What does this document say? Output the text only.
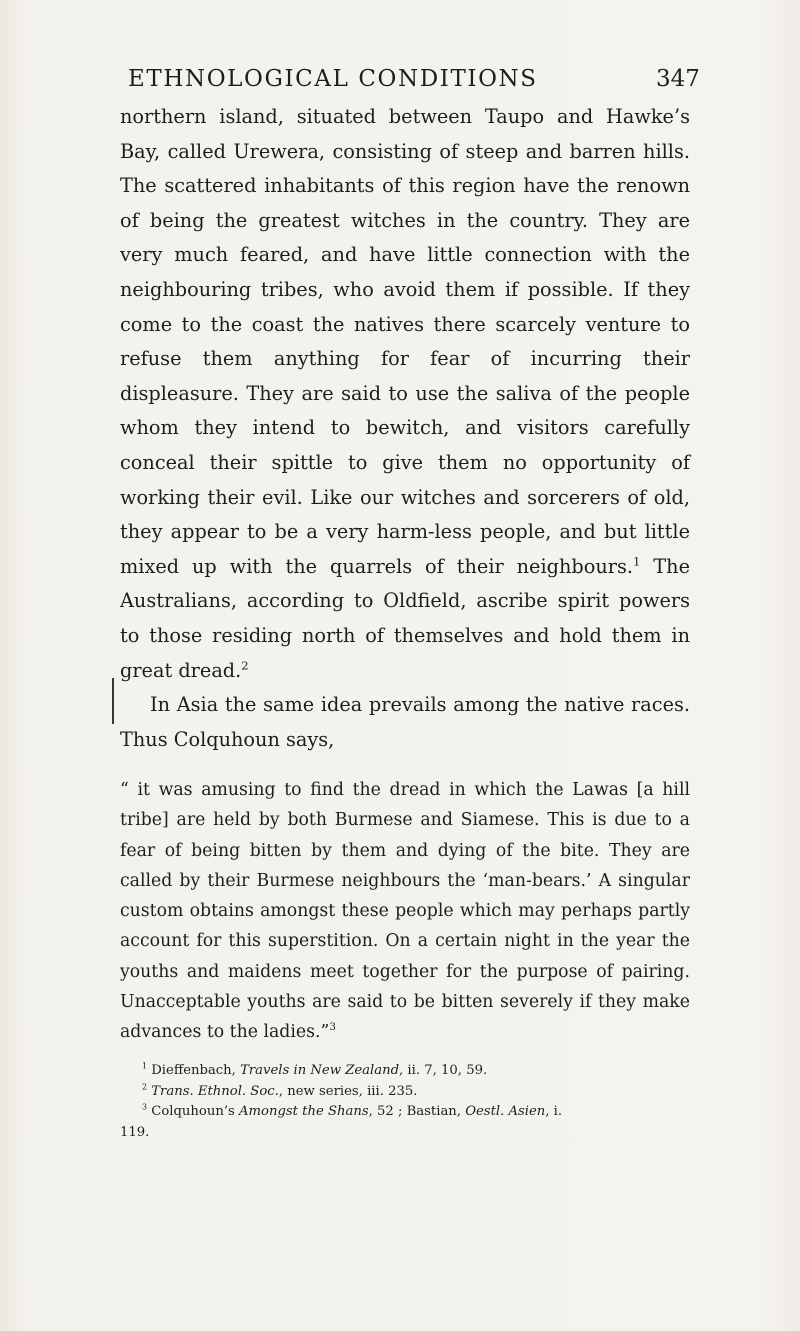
ETHNOLOGICAL CONDITIONS	347

northern island, situated between Taupo and Hawke’s Bay, called Urewera, consisting of steep and barren hills. The scattered inhabitants of this region have the renown of being the greatest witches in the country. They are very much feared, and have little connection with the neighbouring tribes, who avoid them if possible. If they come to the coast the natives there scarcely venture to refuse them anything for fear of incurring their displeasure. They are said to use the saliva of the people whom they intend to bewitch, and visitors carefully conceal their spittle to give them no opportunity of working their evil. Like our witches and sorcerers of old, they appear to be a very harm-less people, and but little mixed up with the quarrels of their neighbours.$^1$ The Australians, according to Oldfield, ascribe spirit powers to those residing north of themselves and hold them in great dread.$^2$

In Asia the same idea prevails among the native races. Thus Colquhoun says,

“ it was amusing to find the dread in which the Lawas [a hill tribe] are held by both Burmese and Siamese. This is due to a fear of being bitten by them and dying of the bite. They are called by their Burmese neighbours the ‘man-bears.’ A singular custom obtains amongst these people which may perhaps partly account for this superstition. On a certain night in the year the youths and maidens meet together for the purpose of pairing. Unacceptable youths are said to be bitten severely if they make advances to the ladies.”$^3$

$^1$ Dieffenbach, Travels in New Zealand, ii. 7, 10, 59.

$^2$ Trans. Ethnol. Soc., new series, iii. 235.

$^3$ Colquhoun’s Amongst the Shans, 52 ; Bastian, Oestl. Asien, i.

119.
